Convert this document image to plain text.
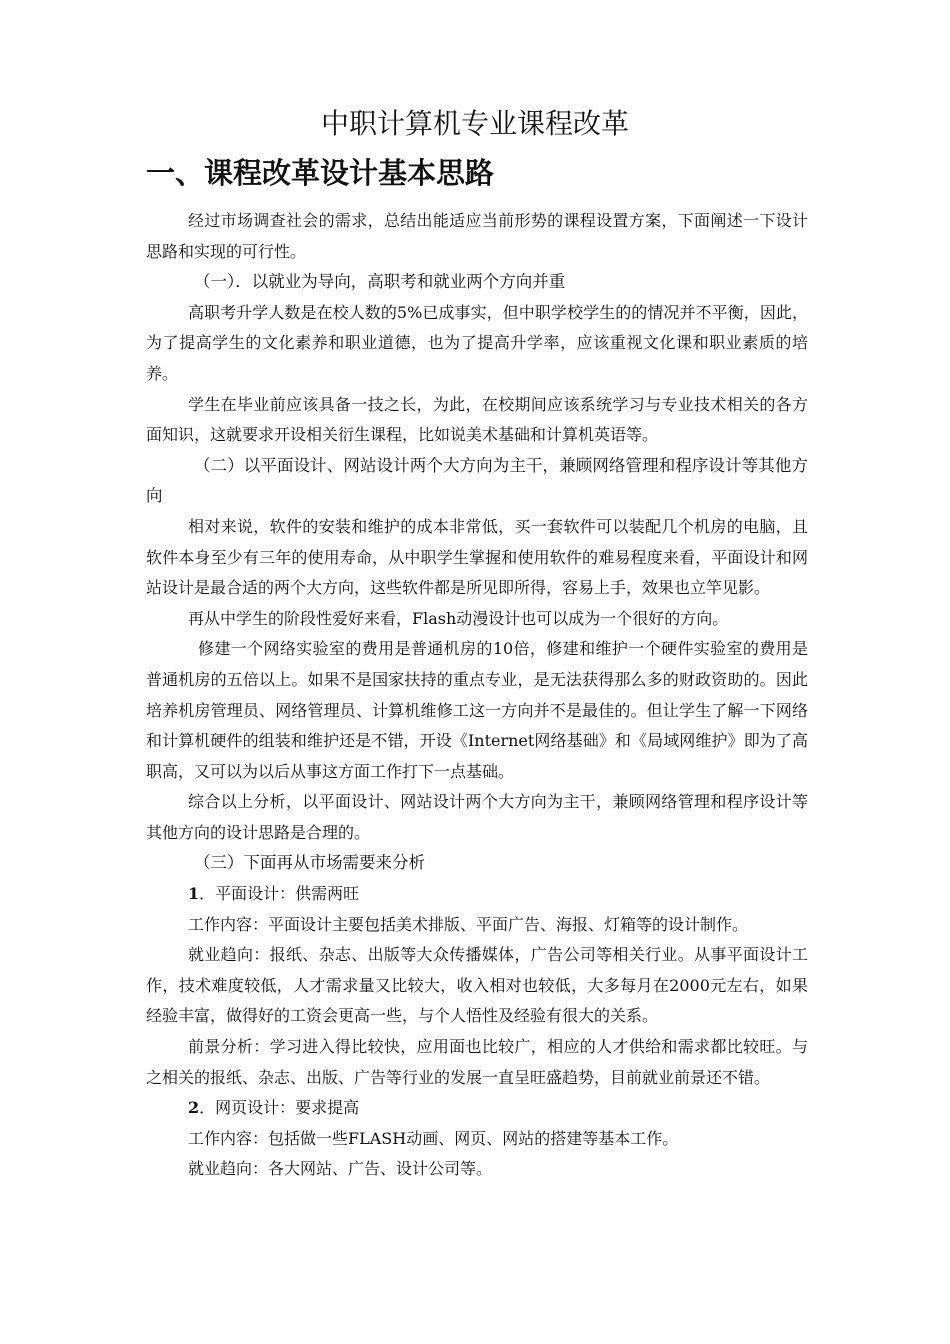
中职计算机专业课程改革
一、课程改革设计基本思路

经过市场调查社会的需求，总结出能适应当前形势的课程设置方案，下面阐述一下设计思路和实现的可行性。

（一）．以就业为导向，高职考和就业两个方向并重

高职考升学人数是在校人数的5%已成事实，但中职学校学生的的情况并不平衡，因此，为了提高学生的文化素养和职业道德，也为了提高升学率，应该重视文化课和职业素质的培养。

学生在毕业前应该具备一技之长，为此，在校期间应该系统学习与专业技术相关的各方面知识，这就要求开设相关衍生课程，比如说美术基础和计算机英语等。

（二）以平面设计、网站设计两个大方向为主干，兼顾网络管理和程序设计等其他方向

相对来说，软件的安装和维护的成本非常低，买一套软件可以装配几个机房的电脑，且软件本身至少有三年的使用寿命，从中职学生掌握和使用软件的难易程度来看，平面设计和网站设计是最合适的两个大方向，这些软件都是所见即所得，容易上手，效果也立竿见影。

再从中学生的阶段性爱好来看，Flash动漫设计也可以成为一个很好的方向。

修建一个网络实验室的费用是普通机房的10倍，修建和维护一个硬件实验室的费用是普通机房的五倍以上。如果不是国家扶持的重点专业，是无法获得那么多的财政资助的。因此培养机房管理员、网络管理员、计算机维修工这一方向并不是最佳的。但让学生了解一下网络和计算机硬件的组装和维护还是不错，开设《Internet网络基础》和《局域网维护》即为了高职高，又可以为以后从事这方面工作打下一点基础。

综合以上分析，以平面设计、网站设计两个大方向为主干，兼顾网络管理和程序设计等其他方向的设计思路是合理的。

（三）下面再从市场需要来分析

1．平面设计：供需两旺

工作内容：平面设计主要包括美术排版、平面广告、海报、灯箱等的设计制作。

就业趋向：报纸、杂志、出版等大众传播媒体，广告公司等相关行业。从事平面设计工作，技术难度较低，人才需求量又比较大，收入相对也较低，大多每月在2000元左右，如果经验丰富，做得好的工资会更高一些，与个人悟性及经验有很大的关系。

前景分析：学习进入得比较快，应用面也比较广，相应的人才供给和需求都比较旺。与之相关的报纸、杂志、出版、广告等行业的发展一直呈旺盛趋势，目前就业前景还不错。

2．网页设计：要求提高

工作内容：包括做一些FLASH动画、网页、网站的搭建等基本工作。

就业趋向：各大网站、广告、设计公司等。
